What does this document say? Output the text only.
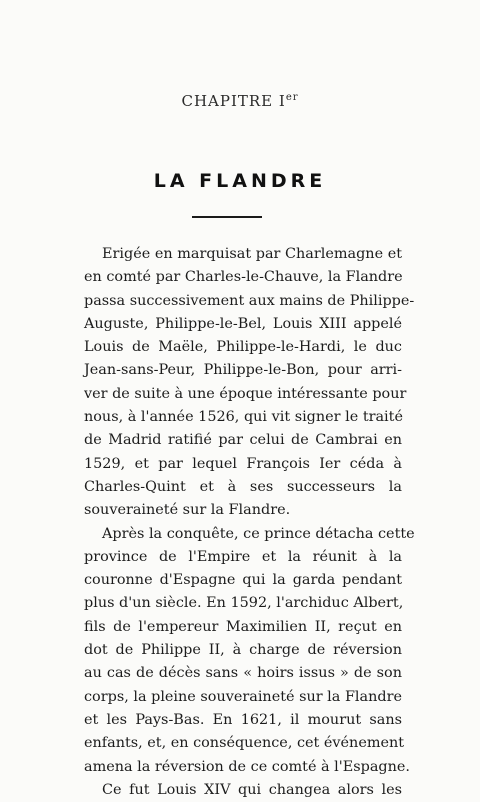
CHAPITRE Ier
LA FLANDRE
Erigée en marquisat par Charlemagne et
en comté par Charles-le-Chauve, la Flandre
passa successivement aux mains de Philippe-
Auguste, Philippe-le-Bel, Louis XIII appelé
Louis de Maële, Philippe-le-Hardi, le duc
Jean-sans-Peur, Philippe-le-Bon, pour arri-
ver de suite à une époque intéressante pour
nous, à l'année 1526, qui vit signer le traité
de Madrid ratifié par celui de Cambrai en
1529, et par lequel François Ier céda à
Charles-Quint et à ses successeurs la
souveraineté sur la Flandre.
Après la conquête, ce prince détacha cette
province de l'Empire et la réunit à la
couronne d'Espagne qui la garda pendant
plus d'un siècle. En 1592, l'archiduc Albert,
fils de l'empereur Maximilien II, reçut en
dot de Philippe II, à charge de réversion
au cas de décès sans « hoirs issus » de son
corps, la pleine souveraineté sur la Flandre
et les Pays-Bas. En 1621, il mourut sans
enfants, et, en conséquence, cet événement
amena la réversion de ce comté à l'Espagne.
Ce fut Louis XIV qui changea alors les
